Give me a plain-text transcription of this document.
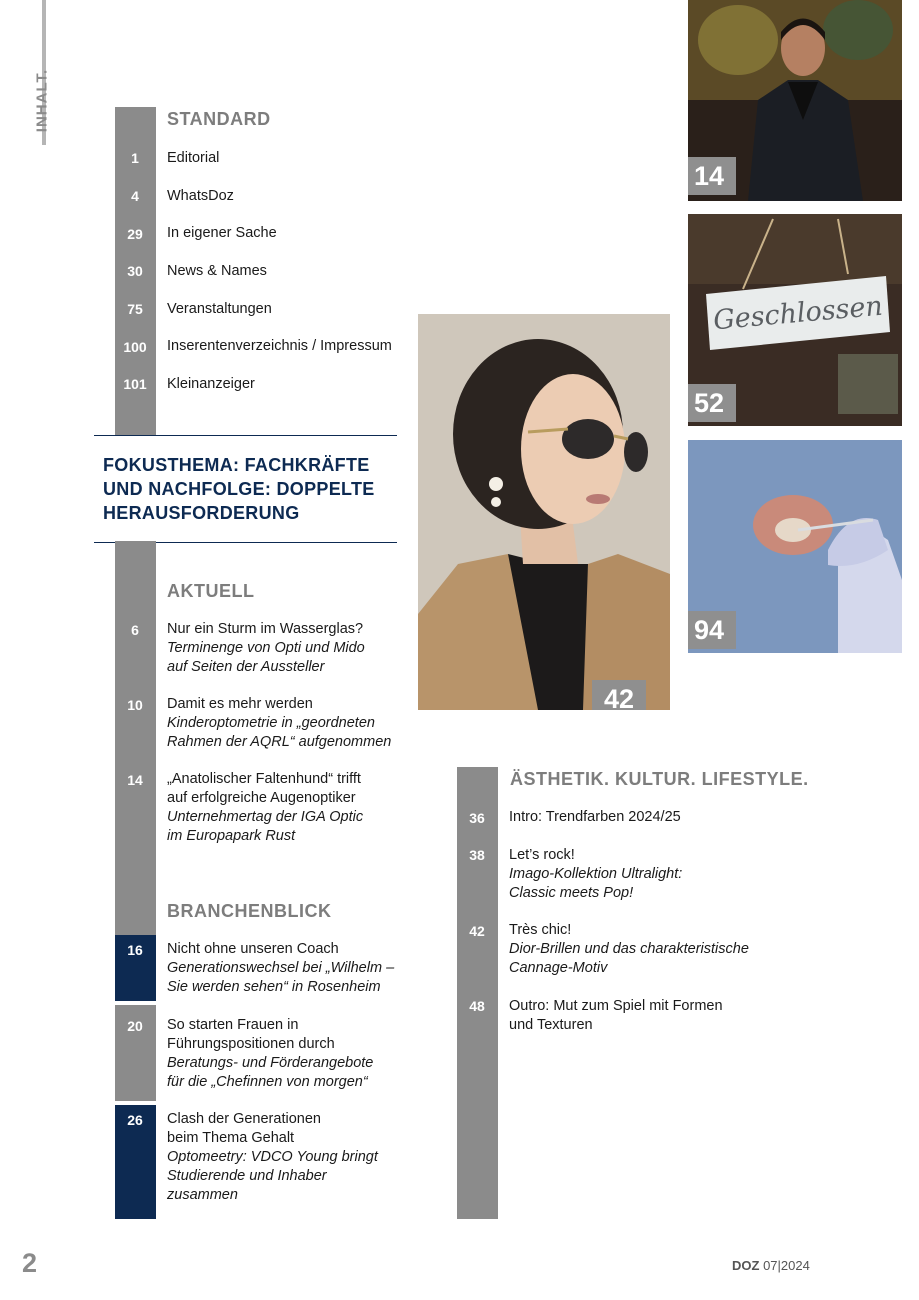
INHALT.	STANDARD
1	Editorial
4	WhatsDoz
29	In eigener Sache
30	News & Names
75	Veranstaltungen
100	Inserentenverzeichnis / Impressum
101	Kleinanzeiger
FOKUSTHEMA: FACHKRÄFTE UND NACHFOLGE: DOPPELTE HERAUSFORDERUNG
AKTUELL
6	Nur ein Sturm im Wasserglas?
Terminenge von Opti und Mido
auf Seiten der Aussteller
10	Damit es mehr werden
Kinderoptometrie in „geordneten
Rahmen der AQRL“ aufgenommen
14	„Anatolischer Faltenhund“ trifft
auf erfolgreiche Augenoptiker
Unternehmertag der IGA Optic
im Europapark Rust
BRANCHENBLICK
16	Nicht ohne unseren Coach
Generationswechsel bei „Wilhelm –
Sie werden sehen“ in Rosenheim
20	So starten Frauen in
Führungspositionen durch
Beratungs- und Förderangebote
für die „Chefinnen von morgen“
26	Clash der Generationen
beim Thema Gehalt
Optomeetry: VDCO Young bringt
Studierende und Inhaber zusammen
42
14
Geschlossen
52
94
ÄSTHETIK. KULTUR. LIFESTYLE.
36	Intro: Trendfarben 2024/25
38	Let’s rock!
Imago-Kollektion Ultralight:
Classic meets Pop!
42	Très chic!
Dior-Brillen und das charakteristische
Cannage-Motiv
48	Outro: Mut zum Spiel mit Formen
und Texturen
2	DOZ 07|2024
